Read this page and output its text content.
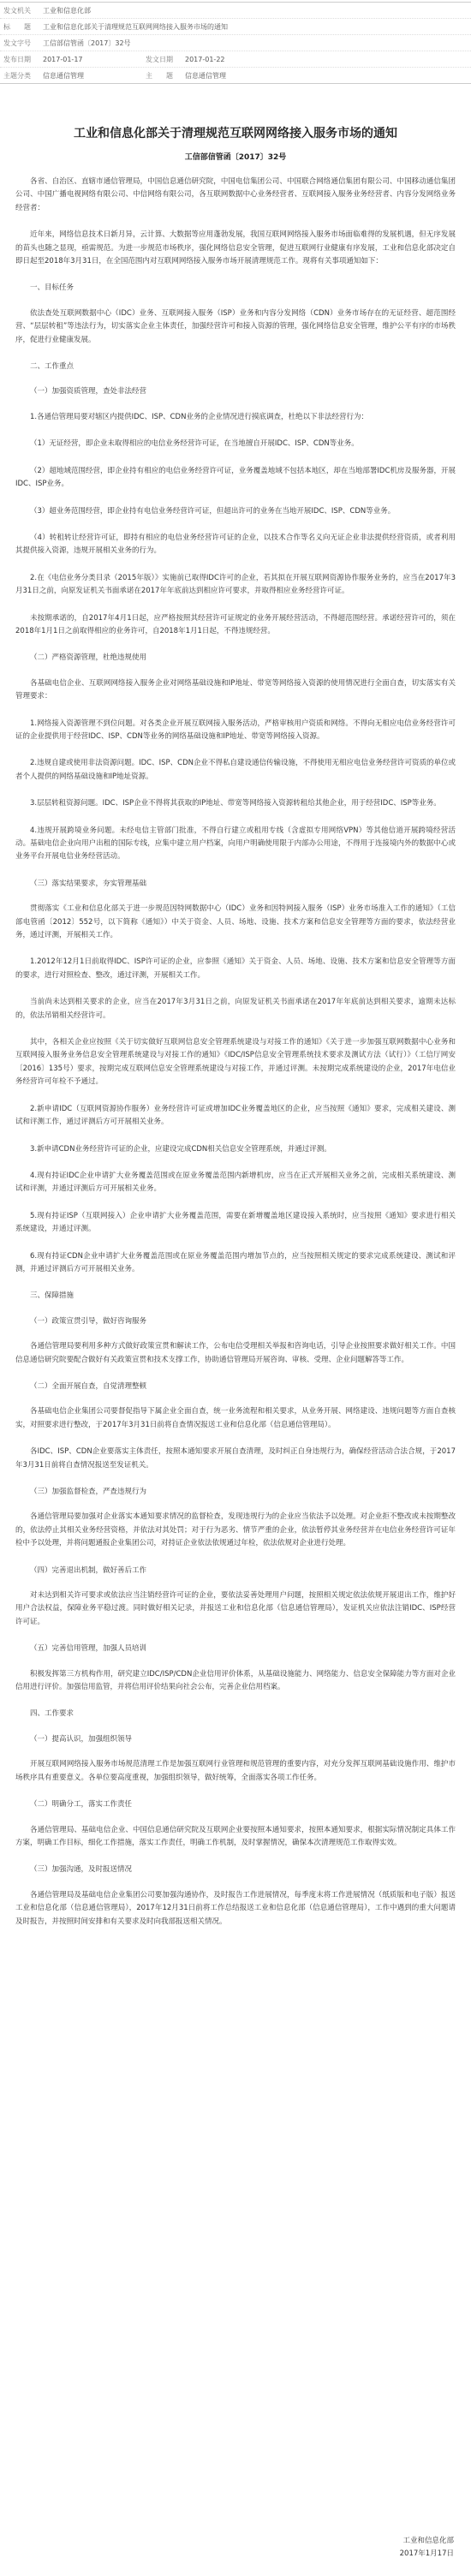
发文机关	工业和信息化部
标　　题	工业和信息化部关于清理规范互联网网络接入服务市场的通知
发文字号	工信部信管函〔2017〕32号
发布日期	2017-01-17	发文日期	2017-01-22
主题分类	信息通信管理	主　　题	信息通信管理
工业和信息化部关于清理规范互联网网络接入服务市场的通知
工信部信管函〔2017〕32号

各省、自治区、直辖市通信管理局，中国信息通信研究院，中国电信集团公司、中国联合网络通信集团有限公司、中国移动通信集团公司、中国广播电视网络有限公司、中信网络有限公司，各互联网数据中心业务经营者、互联网接入服务业务经营者、内容分发网络业务经营者：

近年来，网络信息技术日新月异，云计算、大数据等应用蓬勃发展，我国互联网网络接入服务市场面临难得的发展机遇，但无序发展的苗头也随之显现，亟需规范。为进一步规范市场秩序，强化网络信息安全管理，促进互联网行业健康有序发展，工业和信息化部决定自即日起至2018年3月31日，在全国范围内对互联网网络接入服务市场开展清理规范工作。现将有关事项通知如下：

一、目标任务

依法查处互联网数据中心（IDC）业务、互联网接入服务（ISP）业务和内容分发网络（CDN）业务市场存在的无证经营、超范围经营、“层层转租”等违法行为，切实落实企业主体责任，加强经营许可和接入资源的管理，强化网络信息安全管理，维护公平有序的市场秩序，促进行业健康发展。

二、工作重点
（一）加强资质管理，查处非法经营

1.各通信管理局要对辖区内提供IDC、ISP、CDN业务的企业情况进行摸底调查，杜绝以下非法经营行为：

（1）无证经营，即企业未取得相应的电信业务经营许可证，在当地擅自开展IDC、ISP、CDN等业务。

（2）超地域范围经营，即企业持有相应的电信业务经营许可证，业务覆盖地域不包括本地区，却在当地部署IDC机房及服务器，开展IDC、ISP业务。

（3）超业务范围经营，即企业持有电信业务经营许可证，但超出许可的业务在当地开展IDC、ISP、CDN等业务。

（4）转租转让经营许可证，即持有相应的电信业务经营许可证的企业，以技术合作等名义向无证企业非法提供经营资质，或者利用其提供接入资源，违规开展相关业务的行为。

2.在《电信业务分类目录（2015年版）》实施前已取得IDC许可的企业，若其拟在开展互联网资源协作服务业务的，应当在2017年3月31日之前，向原发证机关书面承诺在2017年年底前达到相应许可要求，并取得相应业务经营许可证。

未按期承诺的，自2017年4月1日起，应严格按照其经营许可证规定的业务开展经营活动，不得超范围经营。承诺经营许可的，须在2018年1月1日之前取得相应的业务许可，自2018年1月1日起，不得违规经营。

（二）严格资源管理，杜绝违规使用

各基础电信企业、互联网网络接入服务企业对网络基础设施和IP地址、带宽等网络接入资源的使用情况进行全面自查，切实落实有关管理要求：

1.网络接入资源管理不到位问题。对各类企业开展互联网接入服务活动，严格审核用户资质和网络。不得向无相应电信业务经营许可证的企业提供用于经营IDC、ISP、CDN等业务的网络基础设施和IP地址、带宽等网络接入资源。

2.违规自建或使用非法资源问题。IDC、ISP、CDN企业不得私自建设通信传输设施，不得使用无相应电信业务经营许可资质的单位或者个人提供的网络基础设施和IP地址资源。

3.层层转租资源问题。IDC、ISP企业不得将其获取的IP地址、带宽等网络接入资源转租给其他企业，用于经营IDC、ISP等业务。

4.违规开展跨境业务问题。未经电信主管部门批准，不得自行建立或租用专线（含虚拟专用网络VPN）等其他信道开展跨境经营活动。基础电信企业向用户出租的国际专线，应集中建立用户档案，向用户明确使用限于内部办公用途，不得用于连接境内外的数据中心或业务平台开展电信业务经营活动。

（三）落实结果要求，夯实管理基础

贯彻落实《工业和信息化部关于进一步规范因特网数据中心（IDC）业务和因特网接入服务（ISP）业务市场准入工作的通知》（工信部电管函〔2012〕552号，以下简称《通知》）中关于资金、人员、场地、设施、技术方案和信息安全管理等方面的要求，依法经营业务，通过评测，开展相关工作。

1.2012年12月1日前取得IDC、ISP许可证的企业，应参照《通知》关于资金、人员、场地、设施、技术方案和信息安全管理等方面的要求，进行对照检查、整改，通过评测，开展相关工作。

当前尚未达到相关要求的企业，应当在2017年3月31日之前，向原发证机关书面承诺在2017年年底前达到相关要求，逾期未达标的，依法吊销相关经营许可。

其中，各相关企业应按照《关于切实做好互联网信息安全管理系统建设与对接工作的通知》《关于进一步加强互联网数据中心业务和互联网接入服务业务信息安全管理系统建设与对接工作的通知》《IDC/ISP信息安全管理系统技术要求及测试方法（试行）》（工信厅网安〔2016〕135号）要求，按期完成互联网信息安全管理系统建设与对接工作，并通过评测。未按期完成系统建设的企业，2017年电信业务经营许可年检不予通过。

2.新申请IDC（互联网资源协作服务）业务经营许可证或增加IDC业务覆盖地区的企业，应当按照《通知》要求，完成相关建设、测试和评测工作，通过评测后方可开展相关业务。

3.新申请CDN业务经营许可证的企业，应建设完成CDN相关信息安全管理系统，并通过评测。

4.现有持证IDC企业申请扩大业务覆盖范围或在原业务覆盖范围内新增机房，应当在正式开展相关业务之前，完成相关系统建设、测试和评测，并通过评测后方可开展相关业务。

5.现有持证ISP（互联网接入）企业申请扩大业务覆盖范围，需要在新增覆盖地区建设接入系统时，应当按照《通知》要求进行相关系统建设，并通过评测。

6.现有持证CDN企业申请扩大业务覆盖范围或在原业务覆盖范围内增加节点的，应当按照相关规定的要求完成系统建设、测试和评测，并通过评测后方可开展相关业务。

三、保障措施
（一）政策宣贯引导，做好咨询服务

各通信管理局要利用多种方式做好政策宣贯和解读工作，公布电信受理相关举报和咨询电话，引导企业按照要求做好相关工作。中国信息通信研究院要配合做好有关政策宣贯和技术支撑工作，协助通信管理局开展咨询、审核、受理、企业问题解答等工作。

（二）全面开展自查，自觉清理整顿

各基础电信企业集团公司要督促指导下属企业全面自查，统一业务流程和相关要求，从业务开展、网络建设、违规问题等方面自查核实，对照要求进行整改，于2017年3月31日前将自查情况报送工业和信息化部（信息通信管理局）。

各IDC、ISP、CDN企业要落实主体责任，按照本通知要求开展自查清理，及时纠正自身违规行为，确保经营活动合法合规，于2017年3月31日前将自查情况报送至发证机关。

（三）加强监督检查，严查违规行为

各通信管理局要加强对企业落实本通知要求情况的监督检查，发现违规行为的企业应当依法予以处理。对企业拒不整改或未按期整改的，依法停止其相关业务经营资格，并依法对其处罚；对于行为恶劣、情节严重的企业，依法暂停其业务经营并在电信业务经营许可证年检中予以处理，并将问题通报企业集团公司，对持证企业依法依规通过年检，依法依规对企业进行处理。

（四）完善退出机制，做好善后工作

对未达到相关许可要求或依法应当注销经营许可证的企业，要依法妥善处理用户问题，按照相关规定依法依规开展退出工作，维护好用户合法权益，保障业务平稳过渡。同时做好相关记录，并报送工业和信息化部（信息通信管理局），发证机关应依法注销IDC、ISP经营许可证。

（五）完善信用管理，加强人员培训

积极发挥第三方机构作用，研究建立IDC/ISP/CDN企业信用评价体系，从基础设施能力、网络能力、信息安全保障能力等方面对企业信用进行评价。加强信用监管，并将信用评价结果向社会公布，完善企业信用档案。

四、工作要求
（一）提高认识，加强组织领导

开展互联网网络接入服务市场规范清理工作是加强互联网行业管理和规范管理的重要内容，对充分发挥互联网基础设施作用、维护市场秩序具有重要意义。各单位要高度重视，加强组织领导，做好统筹，全面落实各项工作任务。

（二）明确分工，落实工作责任

各通信管理局、基础电信企业、中国信息通信研究院及互联网企业要按照本通知要求，按照本通知要求，根据实际情况制定具体工作方案，明确工作目标，细化工作措施，落实工作责任，明确工作机制，及时掌握情况，确保本次清理规范工作取得实效。

（三）加强沟通，及时报送情况

各通信管理局及基础电信企业集团公司要加强沟通协作，及时报告工作进展情况，每季度末将工作进展情况（纸质版和电子版）报送工业和信息化部（信息通信管理局），2017年12月31日前将工作总结报送工业和信息化部（信息通信管理局），工作中遇到的重大问题请及时报告，并按照时间安排和有关要求及时向我部报送相关情况。

工业和信息化部
2017年1月17日
